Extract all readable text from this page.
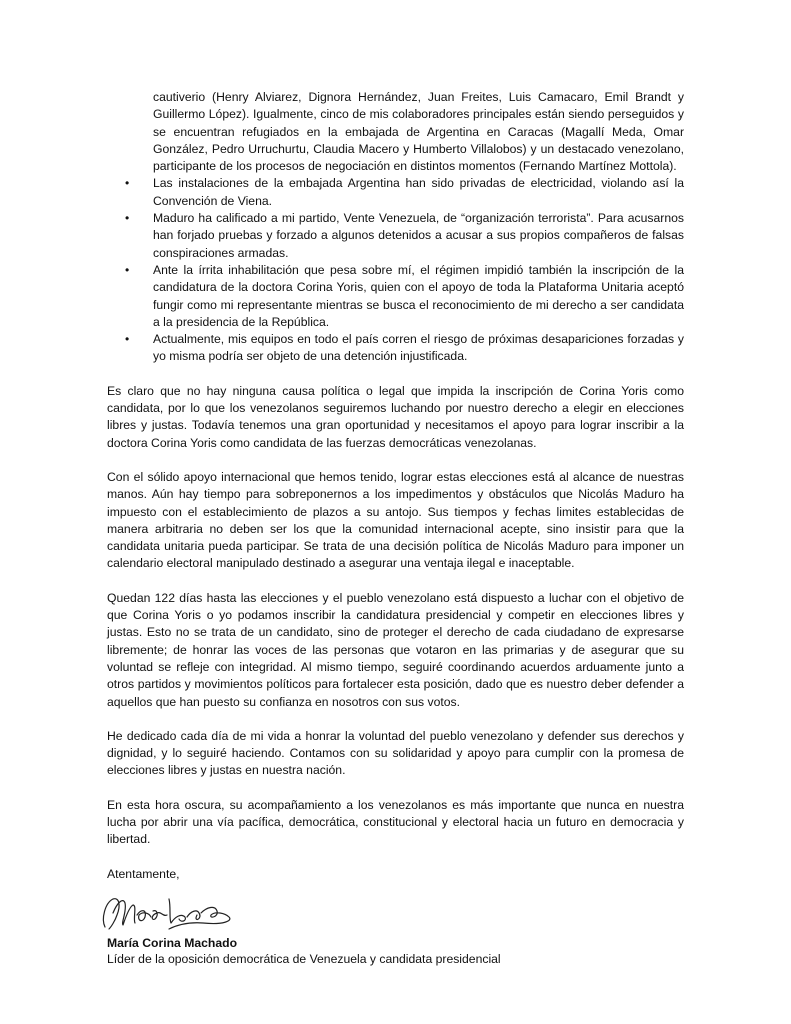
cautiverio (Henry Alviarez, Dignora Hernández, Juan Freites, Luis Camacaro, Emil Brandt y Guillermo López). Igualmente, cinco de mis colaboradores principales están siendo perseguidos y se encuentran refugiados en la embajada de Argentina en Caracas (Magallí Meda, Omar González, Pedro Urruchurtu, Claudia Macero y Humberto Villalobos) y un destacado venezolano, participante de los procesos de negociación en distintos momentos (Fernando Martínez Mottola).

• Las instalaciones de la embajada Argentina han sido privadas de electricidad, violando así la Convención de Viena.
• Maduro ha calificado a mi partido, Vente Venezuela, de “organización terrorista”. Para acusarnos han forjado pruebas y forzado a algunos detenidos a acusar a sus propios compañeros de falsas conspiraciones armadas.
• Ante la írrita inhabilitación que pesa sobre mí, el régimen impidió también la inscripción de la candidatura de la doctora Corina Yoris, quien con el apoyo de toda la Plataforma Unitaria aceptó fungir como mi representante mientras se busca el reconocimiento de mi derecho a ser candidata a la presidencia de la República.
• Actualmente, mis equipos en todo el país corren el riesgo de próximas desapariciones forzadas y yo misma podría ser objeto de una detención injustificada.

Es claro que no hay ninguna causa política o legal que impida la inscripción de Corina Yoris como candidata, por lo que los venezolanos seguiremos luchando por nuestro derecho a elegir en elecciones libres y justas. Todavía tenemos una gran oportunidad y necesitamos el apoyo para lograr inscribir a la doctora Corina Yoris como candidata de las fuerzas democráticas venezolanas.

Con el sólido apoyo internacional que hemos tenido, lograr estas elecciones está al alcance de nuestras manos. Aún hay tiempo para sobreponernos a los impedimentos y obstáculos que Nicolás Maduro ha impuesto con el establecimiento de plazos a su antojo. Sus tiempos y fechas limites establecidas de manera arbitraria no deben ser los que la comunidad internacional acepte, sino insistir para que la candidata unitaria pueda participar. Se trata de una decisión política de Nicolás Maduro para imponer un calendario electoral manipulado destinado a asegurar una ventaja ilegal e inaceptable.

Quedan 122 días hasta las elecciones y el pueblo venezolano está dispuesto a luchar con el objetivo de que Corina Yoris o yo podamos inscribir la candidatura presidencial y competir en elecciones libres y justas. Esto no se trata de un candidato, sino de proteger el derecho de cada ciudadano de expresarse libremente; de honrar las voces de las personas que votaron en las primarias y de asegurar que su voluntad se refleje con integridad. Al mismo tiempo, seguiré coordinando acuerdos arduamente junto a otros partidos y movimientos políticos para fortalecer esta posición, dado que es nuestro deber defender a aquellos que han puesto su confianza en nosotros con sus votos.

He dedicado cada día de mi vida a honrar la voluntad del pueblo venezolano y defender sus derechos y dignidad, y lo seguiré haciendo. Contamos con su solidaridad y apoyo para cumplir con la promesa de elecciones libres y justas en nuestra nación.

En esta hora oscura, su acompañamiento a los venezolanos es más importante que nunca en nuestra lucha por abrir una vía pacífica, democrática, constitucional y electoral hacia un futuro en democracia y libertad.

Atentamente,

María Corina Machado

Líder de la oposición democrática de Venezuela y candidata presidencial
